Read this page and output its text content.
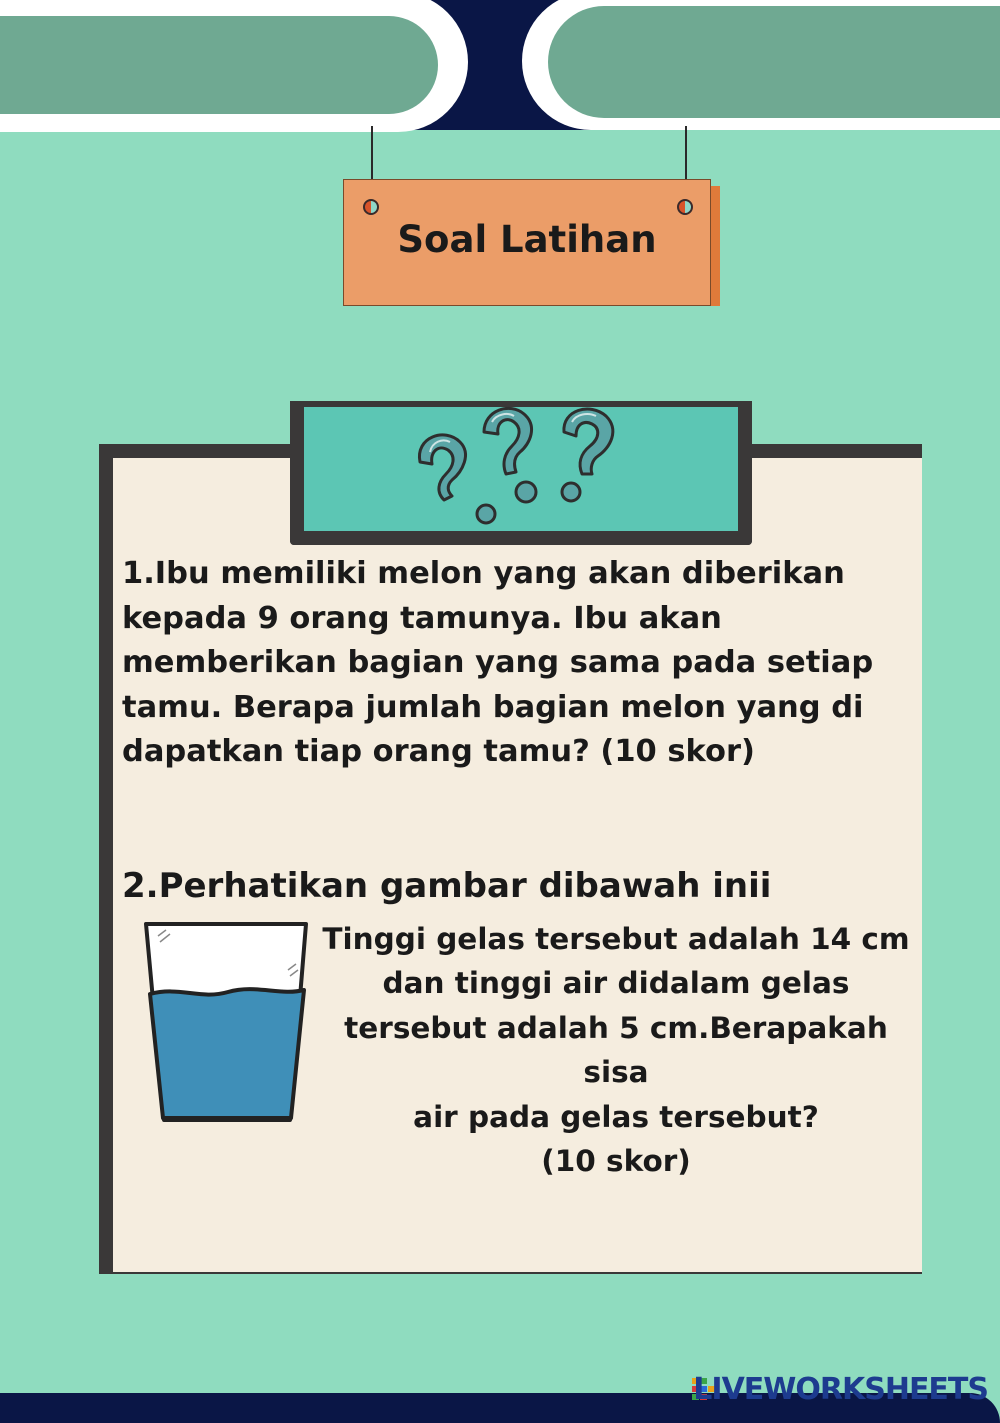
Soal Latihan
1.Ibu memiliki melon yang akan diberikan
kepada 9 orang tamunya. Ibu akan
memberikan bagian yang sama pada setiap
tamu. Berapa jumlah bagian melon yang di
dapatkan tiap orang tamu? (10 skor)
2.Perhatikan gambar dibawah inii
Tinggi gelas tersebut adalah 14 cm
dan tinggi air didalam gelas
tersebut adalah 5 cm.Berapakah sisa
air pada gelas tersebut?
(10 skor)
LIVEWORKSHEETS
